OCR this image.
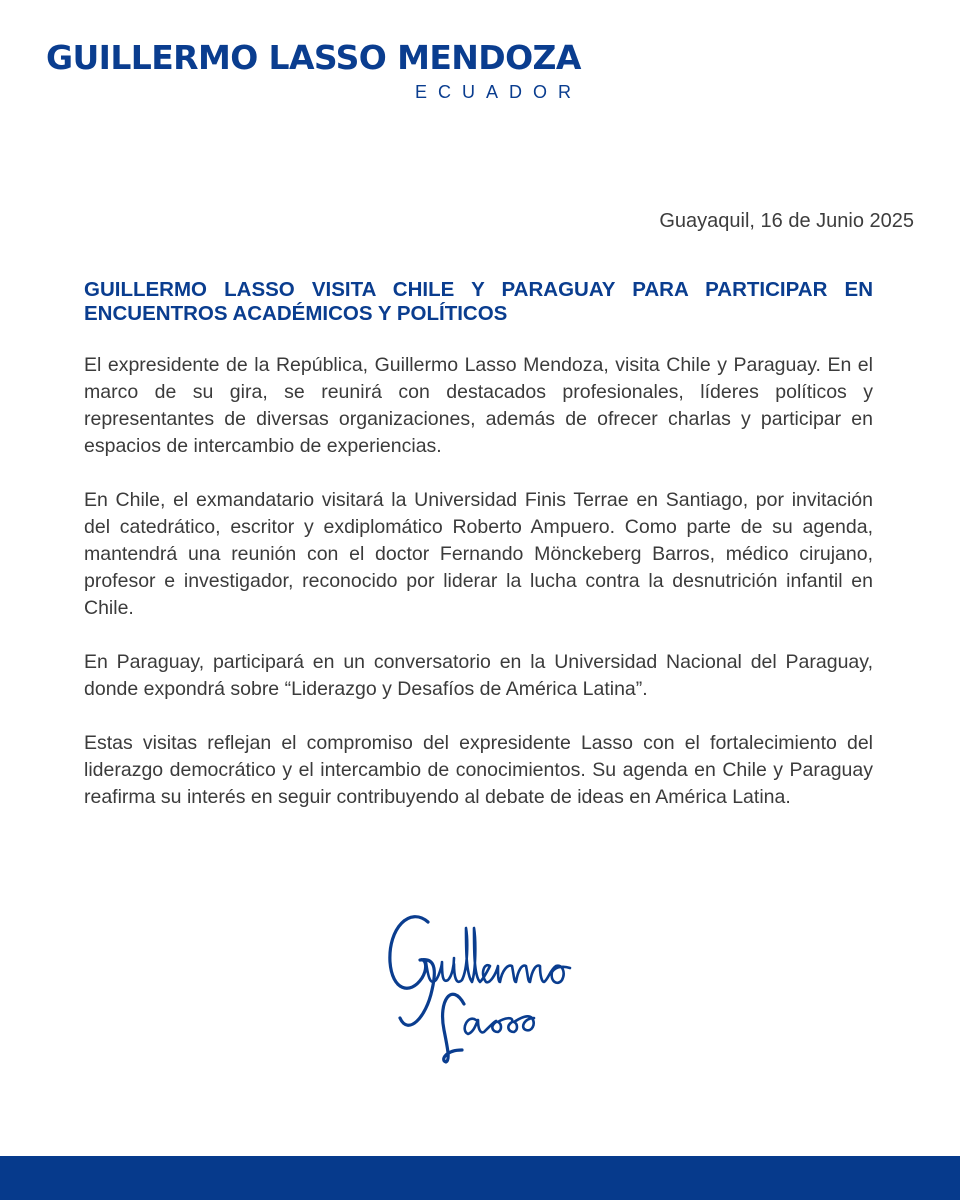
GUILLERMO LASSO MENDOZA
ECUADOR
Guayaquil, 16 de Junio 2025
GUILLERMO LASSO VISITA CHILE Y PARAGUAY PARA PARTICIPAR EN ENCUENTROS ACADÉMICOS Y POLÍTICOS

El expresidente de la República, Guillermo Lasso Mendoza, visita Chile y Paraguay. En el marco de su gira, se reunirá con destacados profesionales, líderes políticos y representantes de diversas organizaciones, además de ofrecer charlas y participar en espacios de intercambio de experiencias.

En Chile, el exmandatario visitará la Universidad Finis Terrae en Santiago, por invitación del catedrático, escritor y exdiplomático Roberto Ampuero. Como parte de su agenda, mantendrá una reunión con el doctor Fernando Mönckeberg Barros, médico cirujano, profesor e investigador, reconocido por liderar la lucha contra la desnutrición infantil en Chile.

En Paraguay, participará en un conversatorio en la Universidad Nacional del Paraguay, donde expondrá sobre “Liderazgo y Desafíos de América Latina”.

Estas visitas reflejan el compromiso del expresidente Lasso con el fortalecimiento del liderazgo democrático y el intercambio de conocimientos. Su agenda en Chile y Paraguay reafirma su interés en seguir contribuyendo al debate de ideas en América Latina.
